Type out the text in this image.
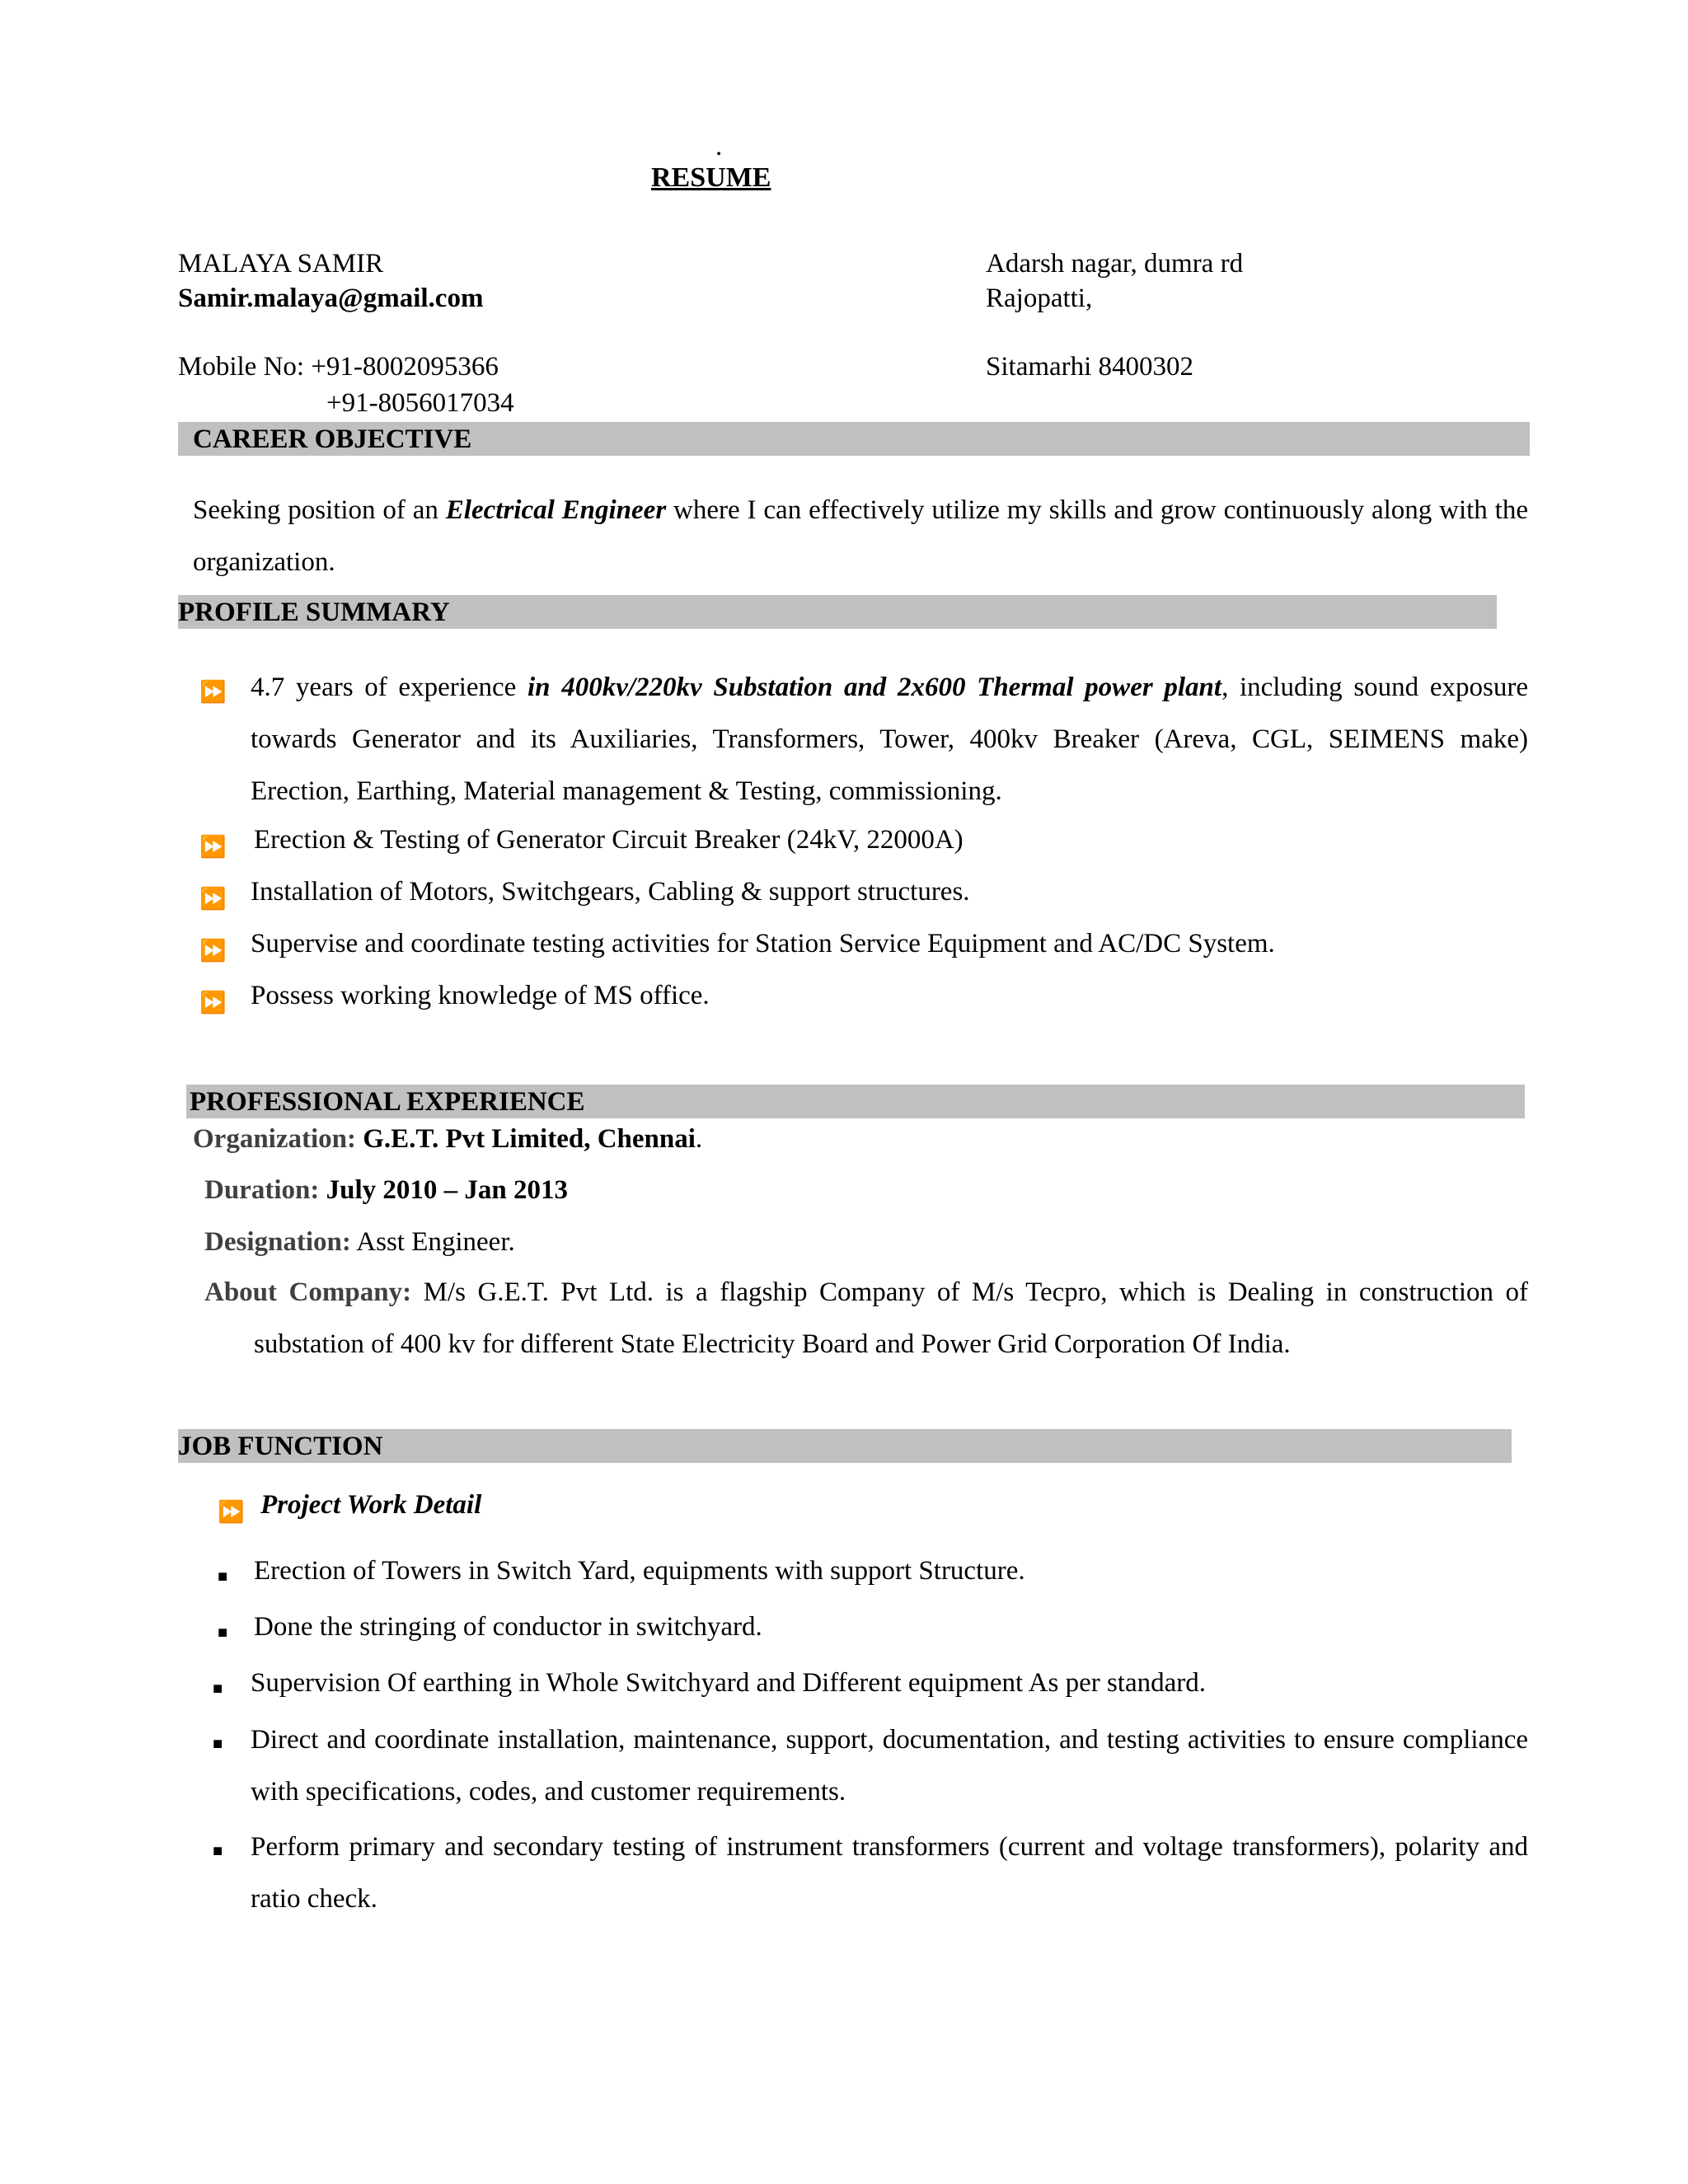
.
RESUME
MALAYA SAMIR
Samir.malaya@gmail.com
Mobile No: +91-8002095366
+91-8056017034
Adarsh nagar, dumra rd
Rajopatti,
Sitamarhi 8400302
CAREER OBJECTIVE
Seeking position of an Electrical Engineer where I can effectively utilize my skills and grow continuously along with the organization.
PROFILE SUMMARY
⏩ 4.7 years of experience in 400kv/220kv Substation and 2x600 Thermal power plant, including sound exposure towards Generator and its Auxiliaries, Transformers, Tower, 400kv Breaker (Areva, CGL, SEIMENS make) Erection, Earthing, Material management & Testing, commissioning.
⏩ Erection & Testing of Generator Circuit Breaker (24kV, 22000A)
⏩ Installation of Motors, Switchgears, Cabling & support structures.
⏩ Supervise and coordinate testing activities for Station Service Equipment and AC/DC System.
⏩ Possess working knowledge of MS office.
PROFESSIONAL EXPERIENCE
Organization: G.E.T. Pvt Limited, Chennai.
Duration: July 2010 – Jan 2013
Designation: Asst Engineer.
About Company: M/s G.E.T. Pvt Ltd. is a flagship Company of M/s Tecpro, which is Dealing in construction of substation of 400 kv for different State Electricity Board and Power Grid Corporation Of India.
JOB FUNCTION
⏩ Project Work Detail
■ Erection of Towers in Switch Yard, equipments with support Structure.
■ Done the stringing of conductor in switchyard.
■ Supervision Of earthing in Whole Switchyard and Different equipment As per standard.
■ Direct and coordinate installation, maintenance, support, documentation, and testing activities to ensure compliance with specifications, codes, and customer requirements.
■ Perform primary and secondary testing of instrument transformers (current and voltage transformers), polarity and ratio check.
